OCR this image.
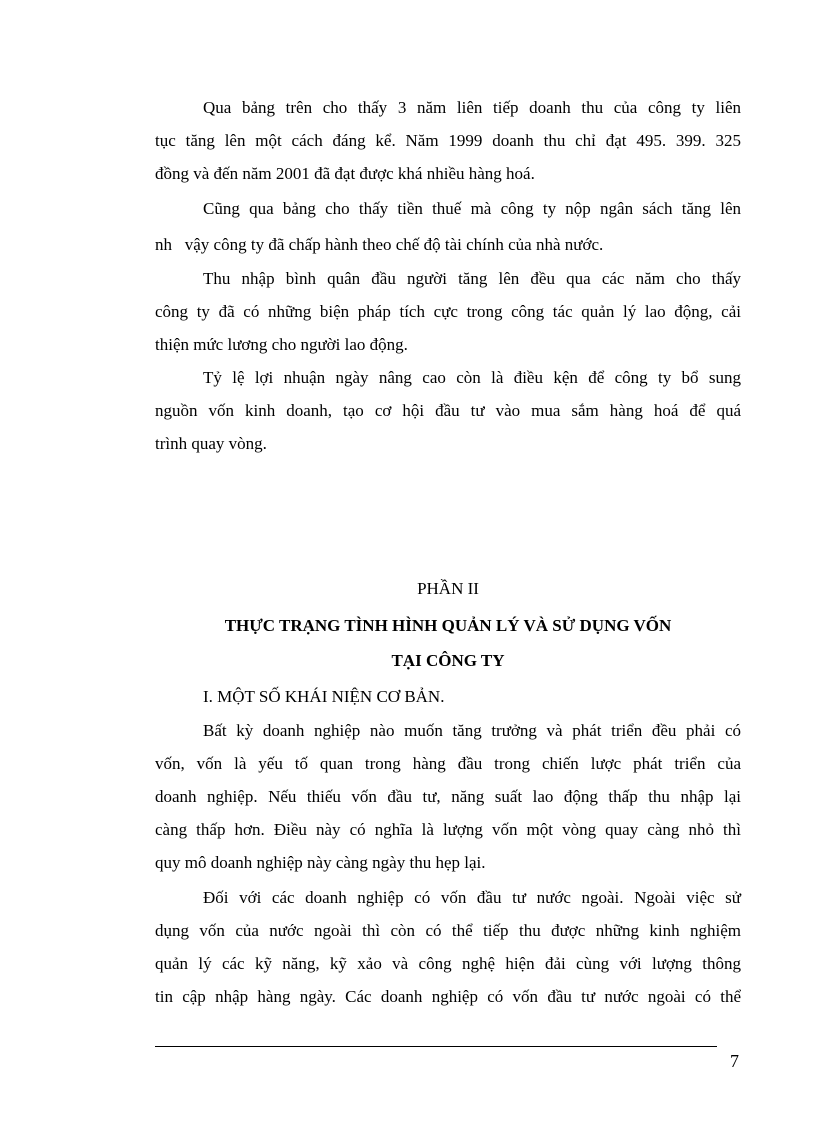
Qua bảng trên cho thấy 3 năm liên tiếp doanh thu của công ty liên
tục tăng lên một cách đáng kể. Năm 1999 doanh thu chỉ đạt 495. 399. 325
đồng và đến năm 2001 đã đạt được khá nhiều hàng hoá.
Cũng qua bảng cho thấy tiền thuế mà công ty nộp ngân sách tăng lên
nh   vậy công ty đã chấp hành theo chế độ tài chính của nhà nước.
Thu nhập bình quân đầu người tăng lên đều qua các năm cho thấy
công ty đã có những biện pháp tích cực trong công tác quản lý lao động, cải
thiện mức lương cho người lao động.
Tỷ lệ lợi nhuận ngày nâng cao còn là điều kện để công ty bổ sung
nguồn vốn kinh doanh, tạo cơ hội đầu tư vào mua sắm hàng hoá để quá
trình quay vòng.
PHẦN II
THỰC TRẠNG TÌNH HÌNH QUẢN LÝ VÀ SỬ DỤNG VỐN
TẠI CÔNG TY
I. MỘT SỐ KHÁI NIỆN CƠ BẢN.
Bất kỳ doanh nghiệp nào muốn tăng trưởng và phát triển đều phải có
vốn, vốn là yếu tố quan trong hàng đầu trong chiến lược phát triển của
doanh nghiệp. Nếu thiếu vốn đầu tư, năng suất lao động thấp thu nhập lại
càng thấp hơn. Điều này có nghĩa là lượng vốn một vòng quay càng nhỏ thì
quy mô doanh nghiệp này càng ngày thu hẹp lại.
Đối với các doanh nghiệp có vốn đầu tư nước ngoài. Ngoài việc sử
dụng vốn của nước ngoài thì còn có thể tiếp thu được những kinh nghiệm
quản lý các kỹ năng, kỹ xảo và công nghệ hiện đải cùng với lượng thông
tin cập nhập hàng ngày. Các doanh nghiệp có vốn đầu tư nước ngoài có thể
7
